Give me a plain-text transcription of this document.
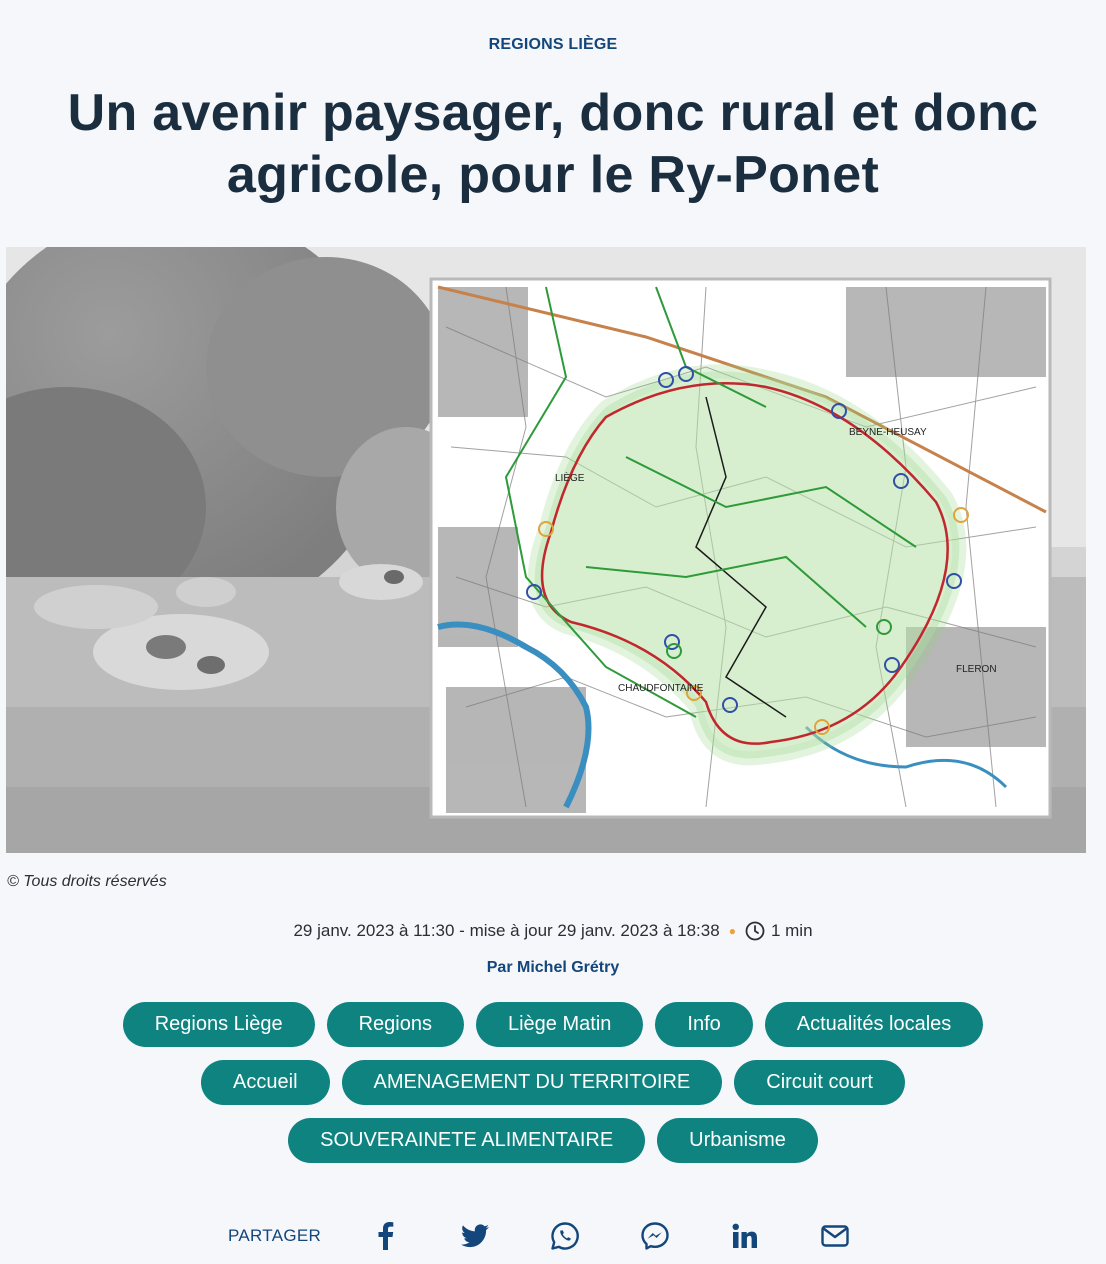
REGIONS LIÈGE
Un avenir paysager, donc rural et donc agricole, pour le Ry-Ponet
LIÈGE
BEYNE-HEUSAY
CHAUDFONTAINE
FLERON
© Tous droits réservés
29 janv. 2023 à 11:30 - mise à jour 29 janv. 2023 à 18:38 ● 1 min
Par Michel Grétry
Regions Liège	Regions	Liège Matin	Info	Actualités locales
Accueil	AMENAGEMENT DU TERRITOIRE	Circuit court
SOUVERAINETE ALIMENTAIRE	Urbanisme
PARTAGER
